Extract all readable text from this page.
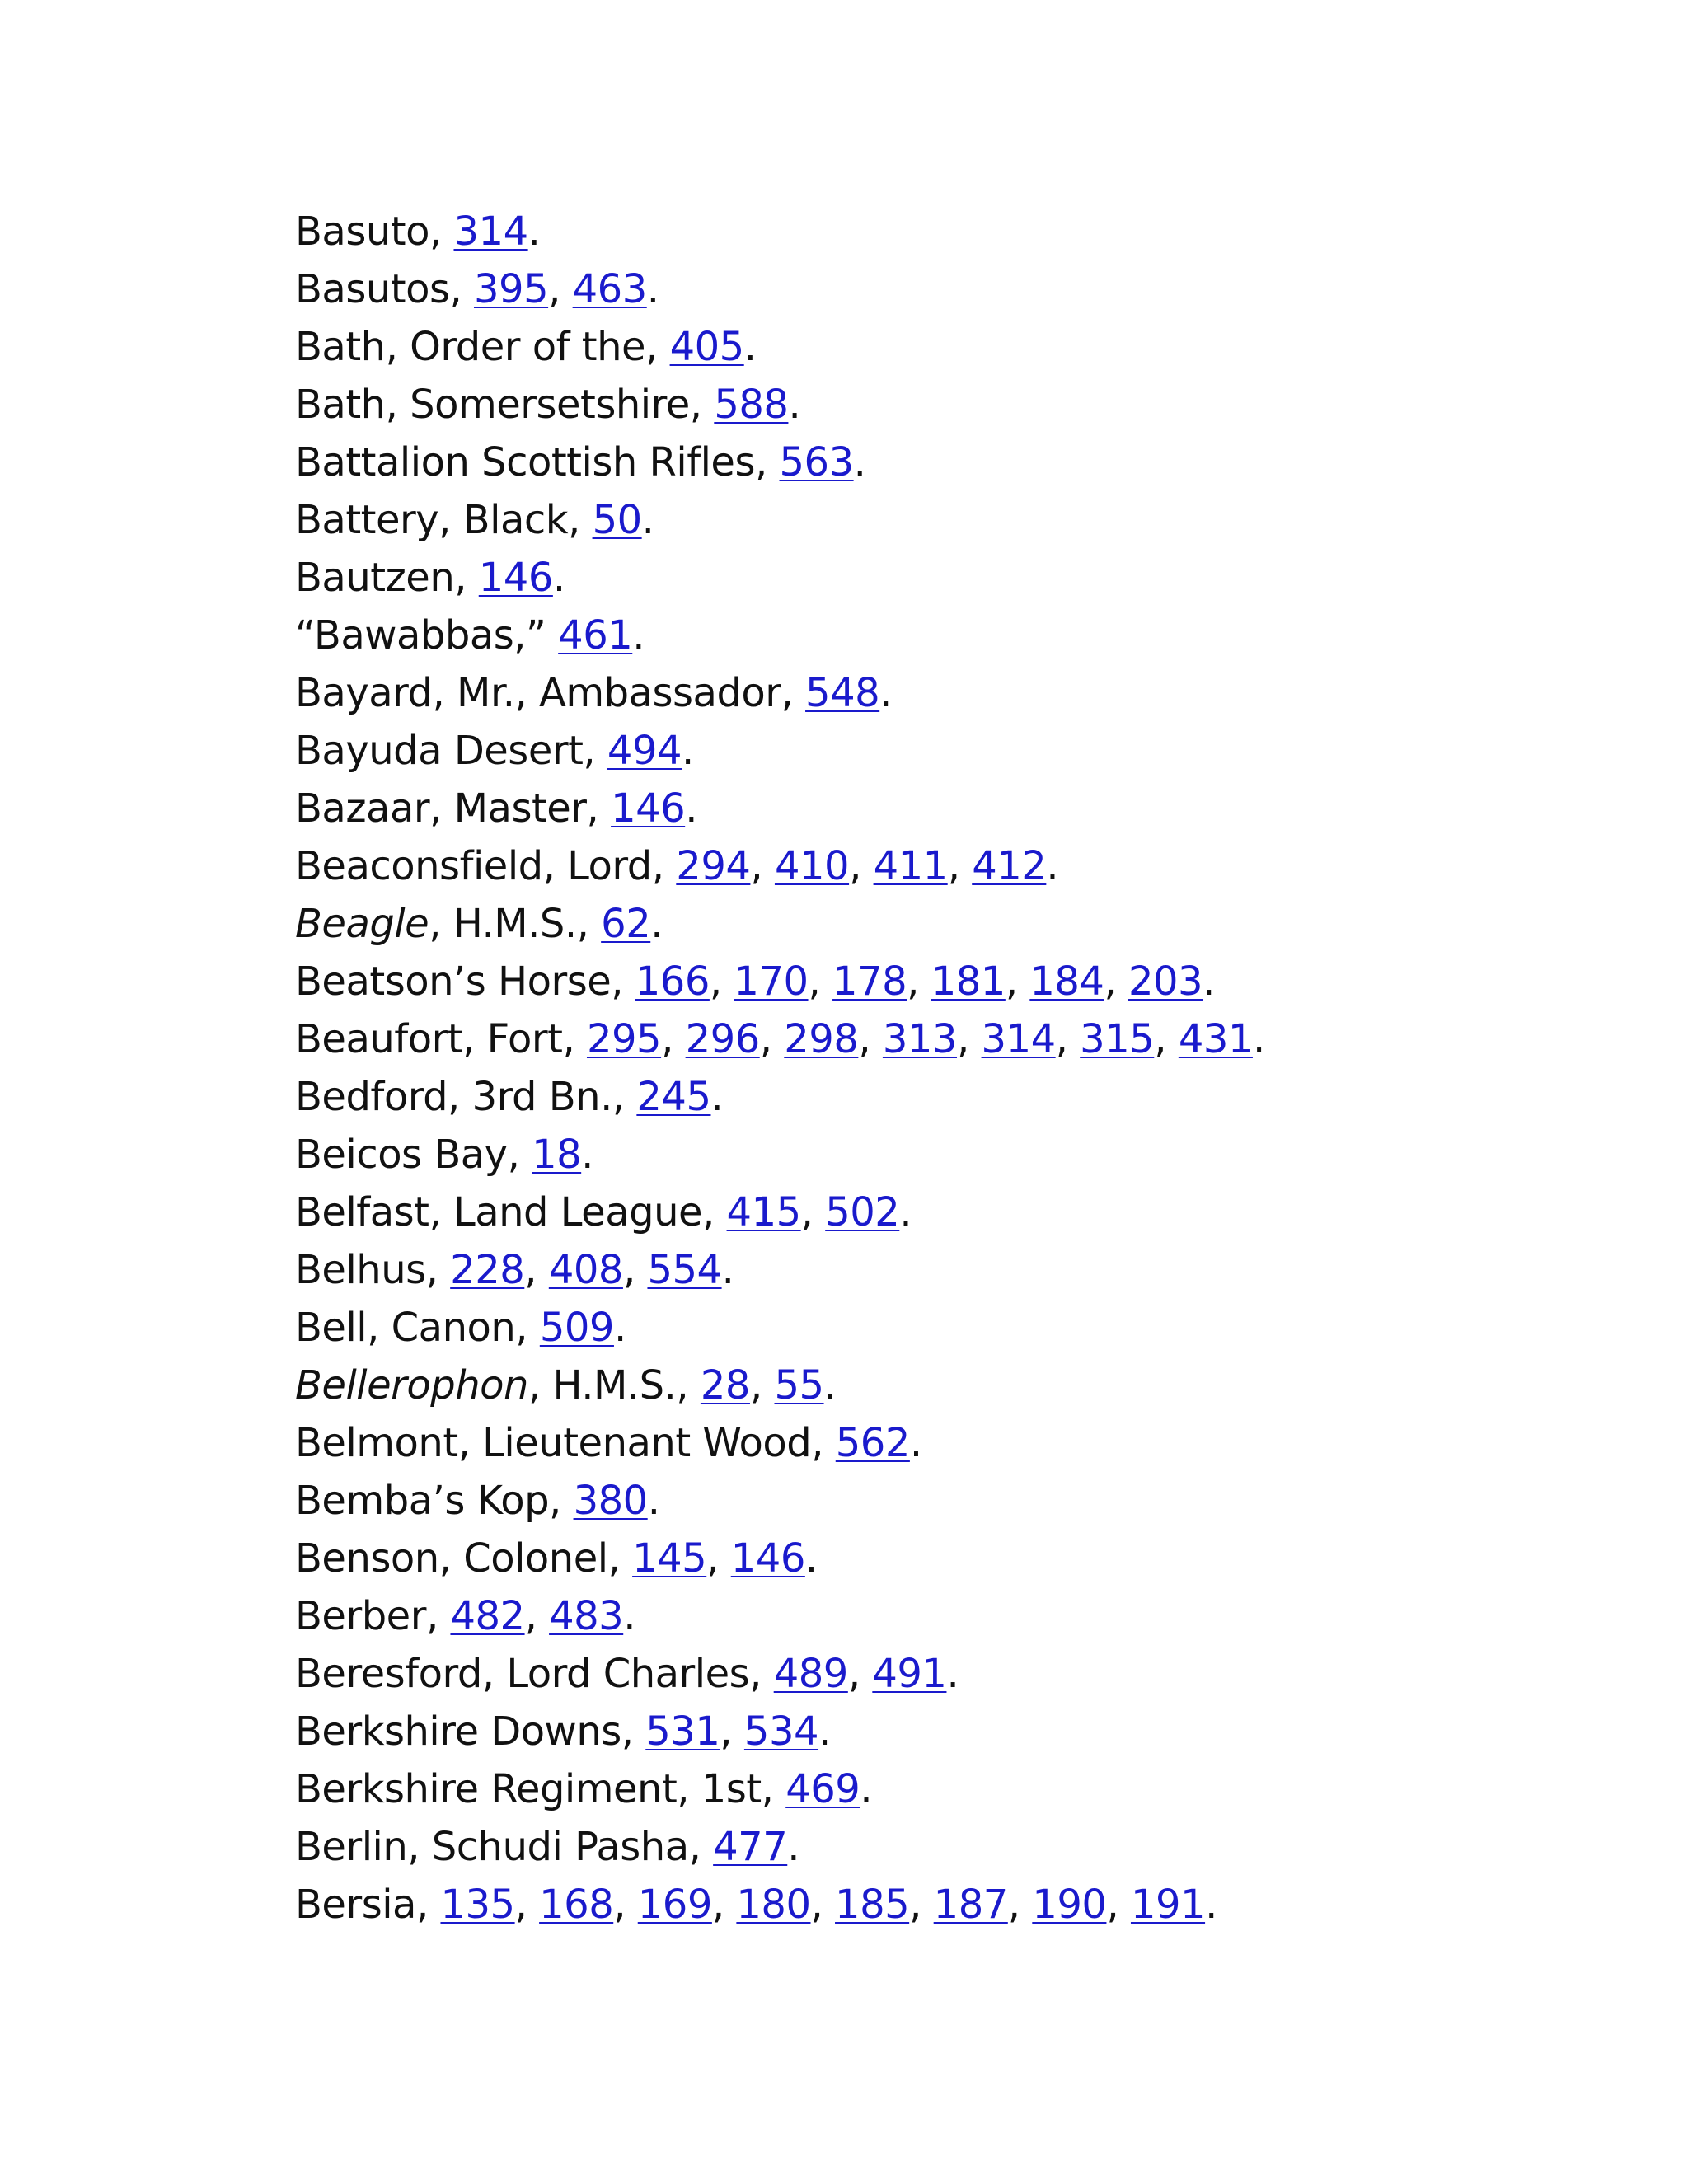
Basuto, 314.
Basutos, 395, 463.
Bath, Order of the, 405.
Bath, Somersetshire, 588.
Battalion Scottish Rifles, 563.
Battery, Black, 50.
Bautzen, 146.
“Bawabbas,” 461.
Bayard, Mr., Ambassador, 548.
Bayuda Desert, 494.
Bazaar, Master, 146.
Beaconsfield, Lord, 294, 410, 411, 412.
Beagle, H.M.S., 62.
Beatson’s Horse, 166, 170, 178, 181, 184, 203.
Beaufort, Fort, 295, 296, 298, 313, 314, 315, 431.
Bedford, 3rd Bn., 245.
Beicos Bay, 18.
Belfast, Land League, 415, 502.
Belhus, 228, 408, 554.
Bell, Canon, 509.
Bellerophon, H.M.S., 28, 55.
Belmont, Lieutenant Wood, 562.
Bemba’s Kop, 380.
Benson, Colonel, 145, 146.
Berber, 482, 483.
Beresford, Lord Charles, 489, 491.
Berkshire Downs, 531, 534.
Berkshire Regiment, 1st, 469.
Berlin, Schudi Pasha, 477.
Bersia, 135, 168, 169, 180, 185, 187, 190, 191.
